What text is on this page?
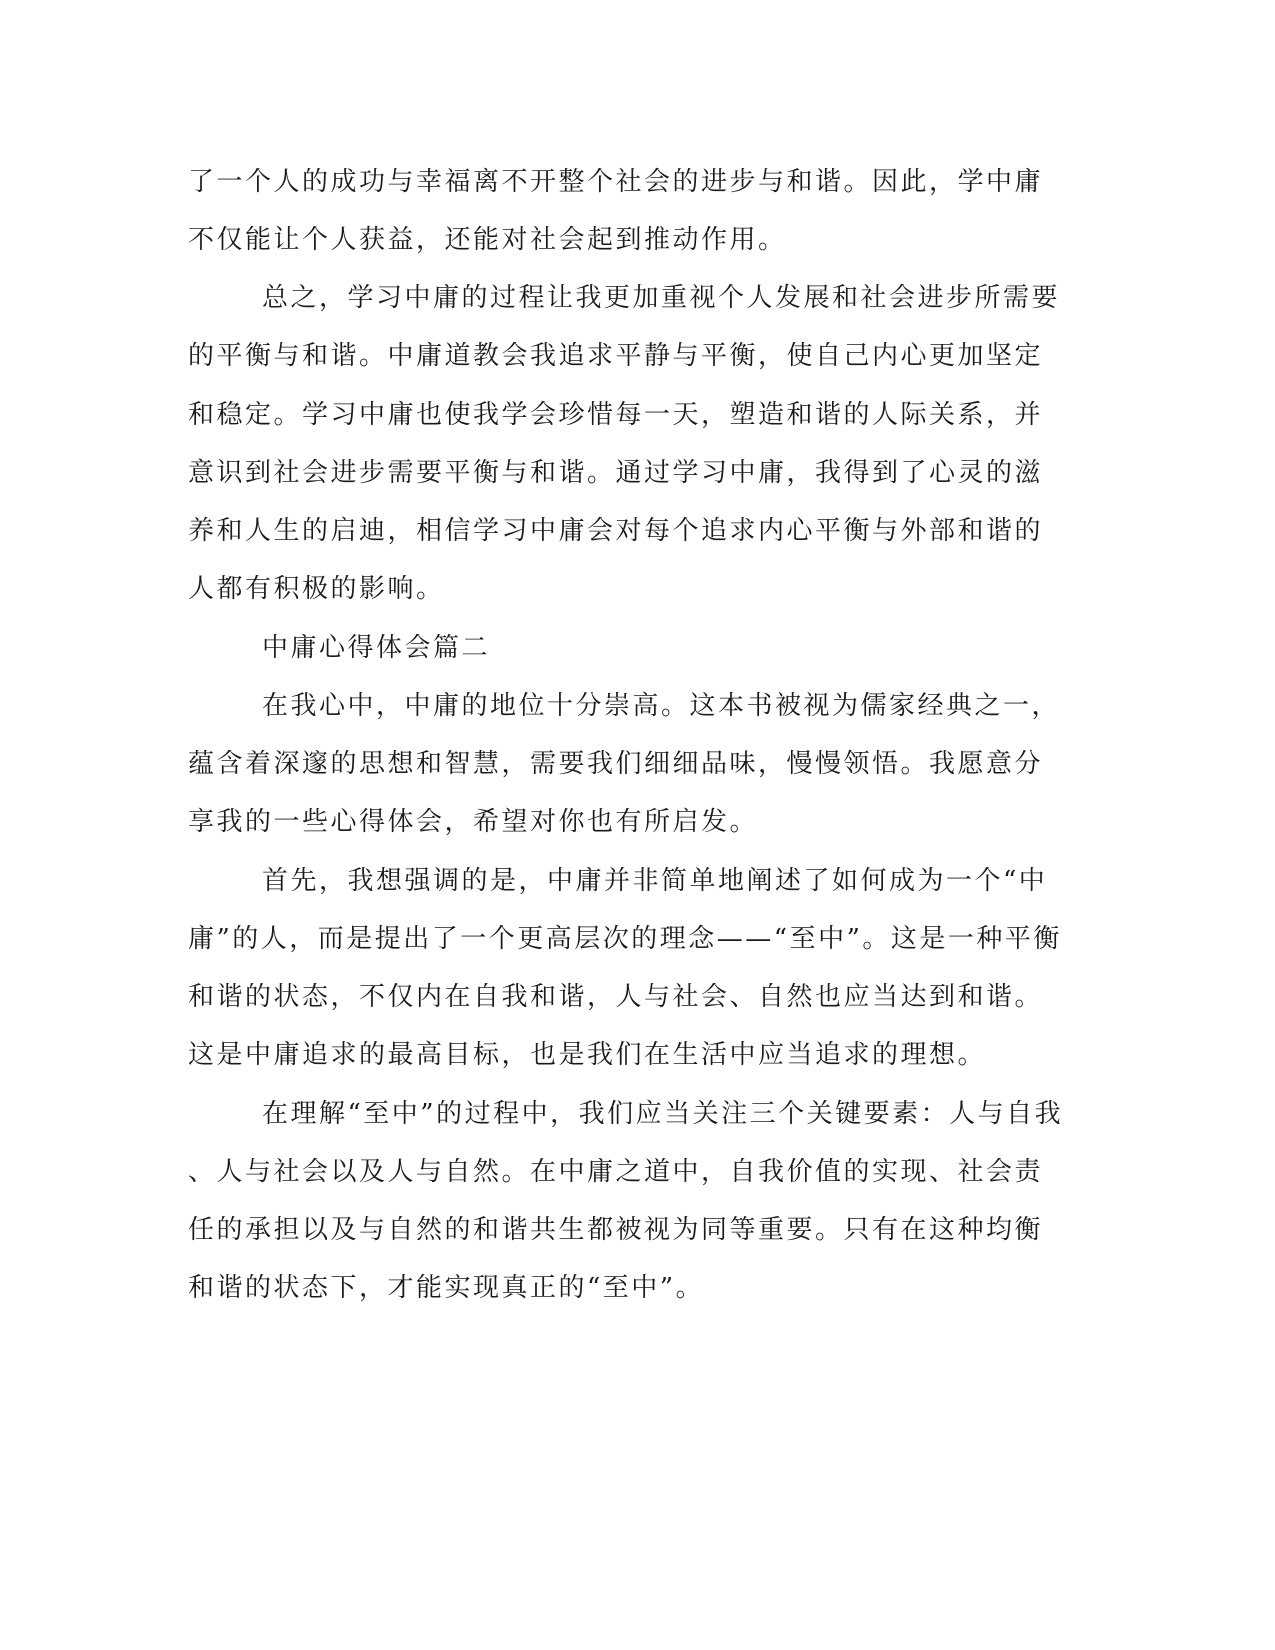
了一个人的成功与幸福离不开整个社会的进步与和谐。因此，学中庸
不仅能让个人获益，还能对社会起到推动作用。
总之，学习中庸的过程让我更加重视个人发展和社会进步所需要
的平衡与和谐。中庸道教会我追求平静与平衡，使自己内心更加坚定
和稳定。学习中庸也使我学会珍惜每一天，塑造和谐的人际关系，并
意识到社会进步需要平衡与和谐。通过学习中庸，我得到了心灵的滋
养和人生的启迪，相信学习中庸会对每个追求内心平衡与外部和谐的
人都有积极的影响。
中庸心得体会篇二
在我心中，中庸的地位十分崇高。这本书被视为儒家经典之一，
蕴含着深邃的思想和智慧，需要我们细细品味，慢慢领悟。我愿意分
享我的一些心得体会，希望对你也有所启发。
首先，我想强调的是，中庸并非简单地阐述了如何成为一个“中
庸”的人，而是提出了一个更高层次的理念——“至中”。这是一种平衡
和谐的状态，不仅内在自我和谐，人与社会、自然也应当达到和谐。
这是中庸追求的最高目标，也是我们在生活中应当追求的理想。
在理解“至中”的过程中，我们应当关注三个关键要素：人与自我
、人与社会以及人与自然。在中庸之道中，自我价值的实现、社会责
任的承担以及与自然的和谐共生都被视为同等重要。只有在这种均衡
和谐的状态下，才能实现真正的“至中”。
